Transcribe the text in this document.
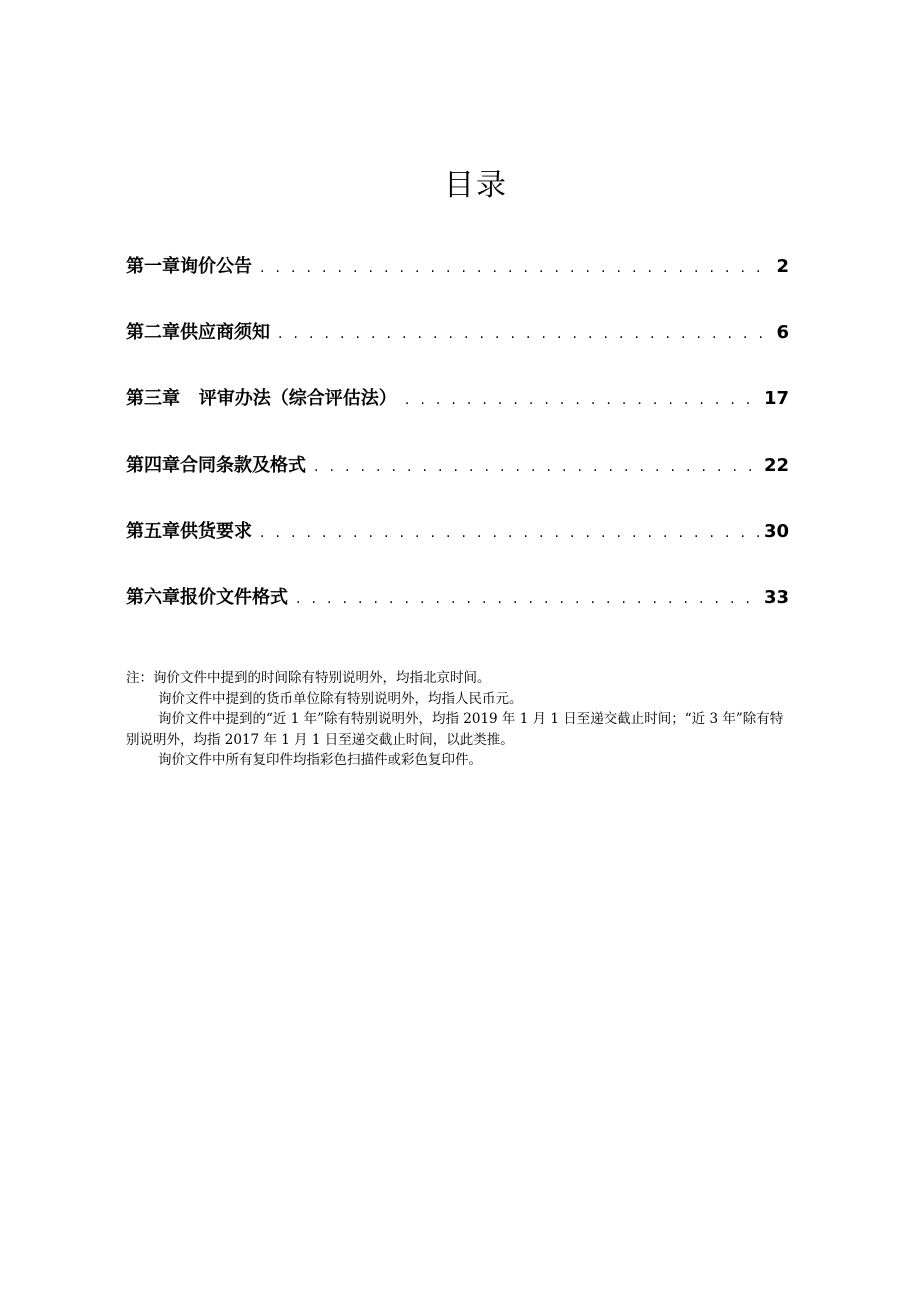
目录
第一章询价公告 . . .	2
第二章供应商须知 . . .	6
第三章   评审办法（综合评估法） . . .	17
第四章合同条款及格式 . . .	22
第五章供货要求 . . .	30
第六章报价文件格式 . . .	33

注：询价文件中提到的时间除有特别说明外，均指北京时间。

询价文件中提到的货币单位除有特别说明外，均指人民币元。

询价文件中提到的“近 1 年”除有特别说明外，均指 2019 年 1 月 1 日至递交截止时间；“近 3 年”除有特别说明外，均指 2017 年 1 月 1 日至递交截止时间，以此类推。

询价文件中所有复印件均指彩色扫描件或彩色复印件。
